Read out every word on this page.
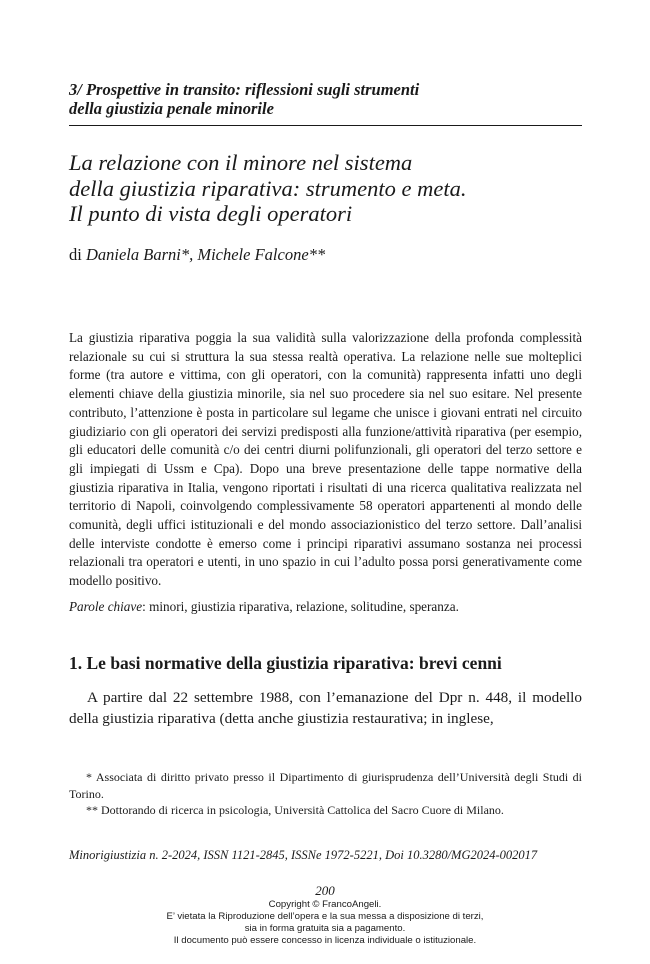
3/ Prospettive in transito: riflessioni sugli strumenti
della giustizia penale minorile
La relazione con il minore nel sistema
della giustizia riparativa: strumento e meta.
Il punto di vista degli operatori
di Daniela Barni*, Michele Falcone**
La giustizia riparativa poggia la sua validità sulla valorizzazione della profonda complessità relazionale su cui si struttura la sua stessa realtà operativa. La relazione nelle sue molteplici forme (tra autore e vittima, con gli operatori, con la comunità) rappresenta infatti uno degli elementi chiave della giustizia minorile, sia nel suo procedere sia nel suo esitare. Nel presente contributo, l’attenzione è posta in particolare sul legame che unisce i giovani entrati nel circuito giudiziario con gli operatori dei servizi predisposti alla funzione/attività riparativa (per esempio, gli educatori delle comunità c/o dei centri diurni polifunzionali, gli operatori del terzo settore e gli impiegati di Ussm e Cpa). Dopo una breve presentazione delle tappe normative della giustizia riparativa in Italia, vengono riportati i risultati di una ricerca qualitativa realizzata nel territorio di Napoli, coinvolgendo complessivamente 58 operatori appartenenti al mondo delle comunità, degli uffici istituzionali e del mondo associazionistico del terzo settore. Dall’analisi delle interviste condotte è emerso come i principi riparativi assumano sostanza nei processi relazionali tra operatori e utenti, in uno spazio in cui l’adulto possa porsi generativamente come modello positivo.
Parole chiave: minori, giustizia riparativa, relazione, solitudine, speranza.
1. Le basi normative della giustizia riparativa: brevi cenni
A partire dal 22 settembre 1988, con l’emanazione del Dpr n. 448, il modello della giustizia riparativa (detta anche giustizia restaurativa; in inglese,

* Associata di diritto privato presso il Dipartimento di giurisprudenza dell’Università degli Studi di Torino.

** Dottorando di ricerca in psicologia, Università Cattolica del Sacro Cuore di Milano.

Minorigiustizia n. 2-2024, ISSN 1121-2845, ISSNe 1972-5221, Doi 10.3280/MG2024-002017
200
Copyright © FrancoAngeli.
E’ vietata la Riproduzione dell’opera e la sua messa a disposizione di terzi,
sia in forma gratuita sia a pagamento.
Il documento può essere concesso in licenza individuale o istituzionale.
